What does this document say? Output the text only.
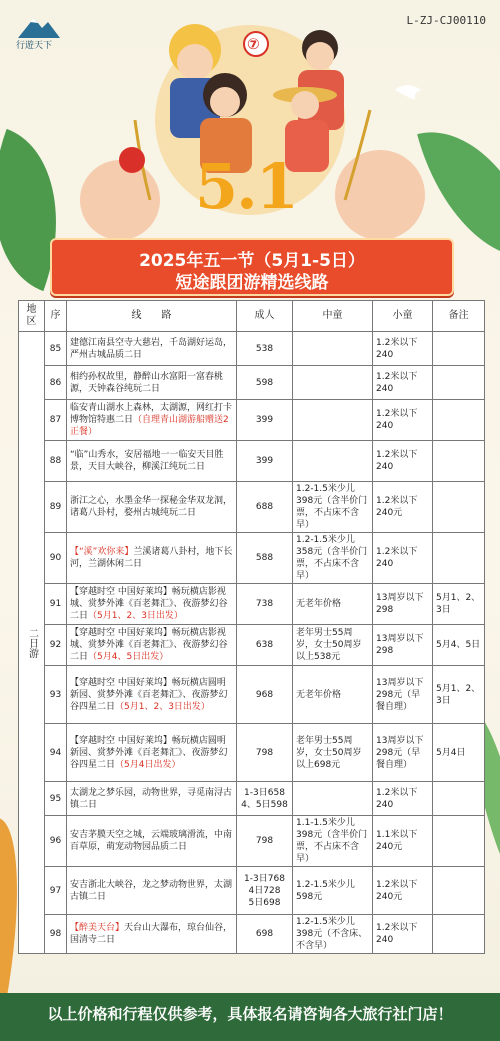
⑦
5.1
行遊天下
L-ZJ-CJ00110
2025年五一节（5月1-5日）
短途跟团游精选线路
地区	序	线　　路	成人	中童	小童	备注
二日游	85	建德江南县空寺大慈岩，千岛湖好运岛，严州古城品质二日	538		1.2米以下240	
	86	相约孙权故里，静醉山水富阳一富春桃源，天钟森谷纯玩二日	598		1.2米以下240	
	87	临安青山湖水上森林，太湖源，网红打卡博物馆特惠二日（自理青山湖游船赠送2正餐）	399		1.2米以下240	
	88	“临”山秀水，安居福地一一临安天目胜景，天目大峡谷，柳溪江纯玩二日	399		1.2米以下240	
	89	浙江之心，水墨金华一探秘金华双龙洞，诸葛八卦村，婺州古城纯玩二日	688	1.2-1.5米少儿398元（含半价门票，不占床不含早）	1.2米以下240元	
	90	【“溪”欢你来】兰溪诸葛八卦村，地下长河，兰湖休闲二日	588	1.2-1.5米少儿358元（含半价门票，不占床不含早）	1.2米以下240	
	91	【穿越时空 中国好莱坞】畅玩横店影视城、赏梦外滩《百老舞汇》、夜游梦幻谷二日（5月1、2、3日出发）	738	无老年价格	13周岁以下298	5月1、2、3日
	92	【穿越时空 中国好莱坞】畅玩横店影视城、赏梦外滩《百老舞汇》、夜游梦幻谷二日（5月4、5日出发）	638	老年男士55周岁，女士50周岁以上538元	13周岁以下298	5月4、5日
	93	【穿越时空 中国好莱坞】畅玩横店圆明新园、赏梦外滩《百老舞汇》、夜游梦幻谷四星二日（5月1、2、3日出发）	968	无老年价格	13周岁以下298元（早餐自理）	5月1、2、3日
	94	【穿越时空 中国好莱坞】畅玩横店圆明新园、赏梦外滩《百老舞汇》、夜游梦幻谷四星二日（5月4日出发）	798	老年男士55周岁，女士50周岁以上698元	13周岁以下298元（早餐自理）	5月4日
	95	太湖龙之梦乐园，动物世界，寻觅南浔古镇二日	1-3日658
4、5日598		1.2米以下240	
	96	安吉茅膜天空之城，云端玻璃滑流，中南百草原，萌宠动物园品质二日	798	1.1-1.5米少儿398元（含半价门票，不占床不含早）	1.1米以下240元	
	97	安吉浙北大峡谷，龙之梦动物世界，太湖古镇二日	1-3日768
4日728
5日698	1.2-1.5米少儿598元	1.2米以下240元	
	98	【醉美天台】天台山大瀑布，琼台仙谷，国清寺二日	698	1.2-1.5米少儿398元（不含床、不含早）	1.2米以下240	
以上价格和行程仅供参考，具体报名请咨询各大旅行社门店！
